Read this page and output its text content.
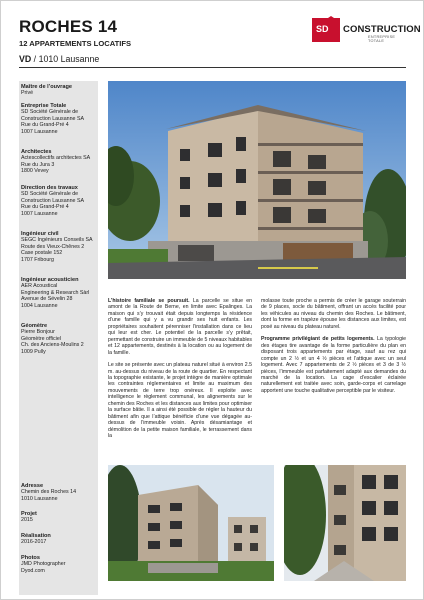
ROCHES 14
12 APPARTEMENTS LOCATIFS
VD / 1010 Lausanne
SD CONSTRUCTION
ENTREPRISE TOTALE
Maître de l’ouvrage
Privé
Entreprise Totale
SD Société Générale de
Construction Lausanne SA
Rue du Grand-Pré 4
1007 Lausanne
Architectes
Actescollectifs architectes SA
Rue du Jura 3
1800 Vevey
Direction des travaux
SD Société Générale de
Construction Lausanne SA
Rue du Grand-Pré 4
1007 Lausanne
Ingénieur civil
SEGC Ingénieurs Conseils SA
Route des Vieux-Chênes 2
Case postale 152
1707 Fribourg
Ingénieur acousticien
AER Acoustical
Engineering & Research Sàrl
Avenue de Sévelin 28
1004 Lausanne
Géomètre
Pierre Bonjour
Géomètre officiel
Ch. des Anciens-Moulins 2
1009 Pully
Adresse
Chemin des Roches 14
1010 Lausanne
Projet
2015
Réalisation
2016-2017
Photos
JMD Photographer
Dyod.com

L’histoire familiale se poursuit. La parcelle se situe en amont de la Route de Berne, en limite avec Epalinges. La maison qui s’y trouvait était depuis longtemps la résidence d’une famille qui y a vu grandir ses huit enfants. Les propriétaires souhaitent pérenniser l’installation dans ce lieu qui leur est cher. Le potentiel de la parcelle s’y prêtait, permettant de construire un immeuble de 5 niveaux habitables et 12 appartements, destinés à la location ou au logement de la famille.

Le site se présente avec un plateau naturel situé à environ 2.5 m. au-dessus du niveau de la route de quartier. En respectant la topographie existante, le projet intègre de manière optimale les contraintes réglementaires et limite au maximum des mouvements de terre trop onéreux. Il exploite avec intelligence le règlement communal, les alignements sur le chemin des Roches et les distances aux limites pour optimiser la surface bâtie. Il a ainsi été possible de régler la hauteur du bâtiment afin que l’attique bénéficie d’une vue dégagée au-dessus de l’immeuble voisin. Après désamiantage et démolition de la petite maison familiale, le terrassement dans la

molasse toute proche a permis de créer le garage souterrain de 9 places, socle du bâtiment, offrant un accès facilité pour les véhicules au niveau du chemin des Roches. Le bâtiment, dont la forme en trapèze épouse les distances aux limites, est posé au niveau du plateau naturel.

Programme privilégiant de petits logements. La typologie des étages tire avantage de la forme particulière du plan en disposant trois appartements par étage, sauf au rez qui compte un 2 ½ et un 4 ½ pièces et l’attique avec un seul logement. Avec 7 appartements de 2 ½ pièces et 3 de 3 ½ pièces, l’immeuble est parfaitement adapté aux demandes du marché de la location. La cage d’escalier éclairée naturellement est traitée avec soin, garde-corps et carrelage apportent une touche qualitative perceptible par le visiteur.
